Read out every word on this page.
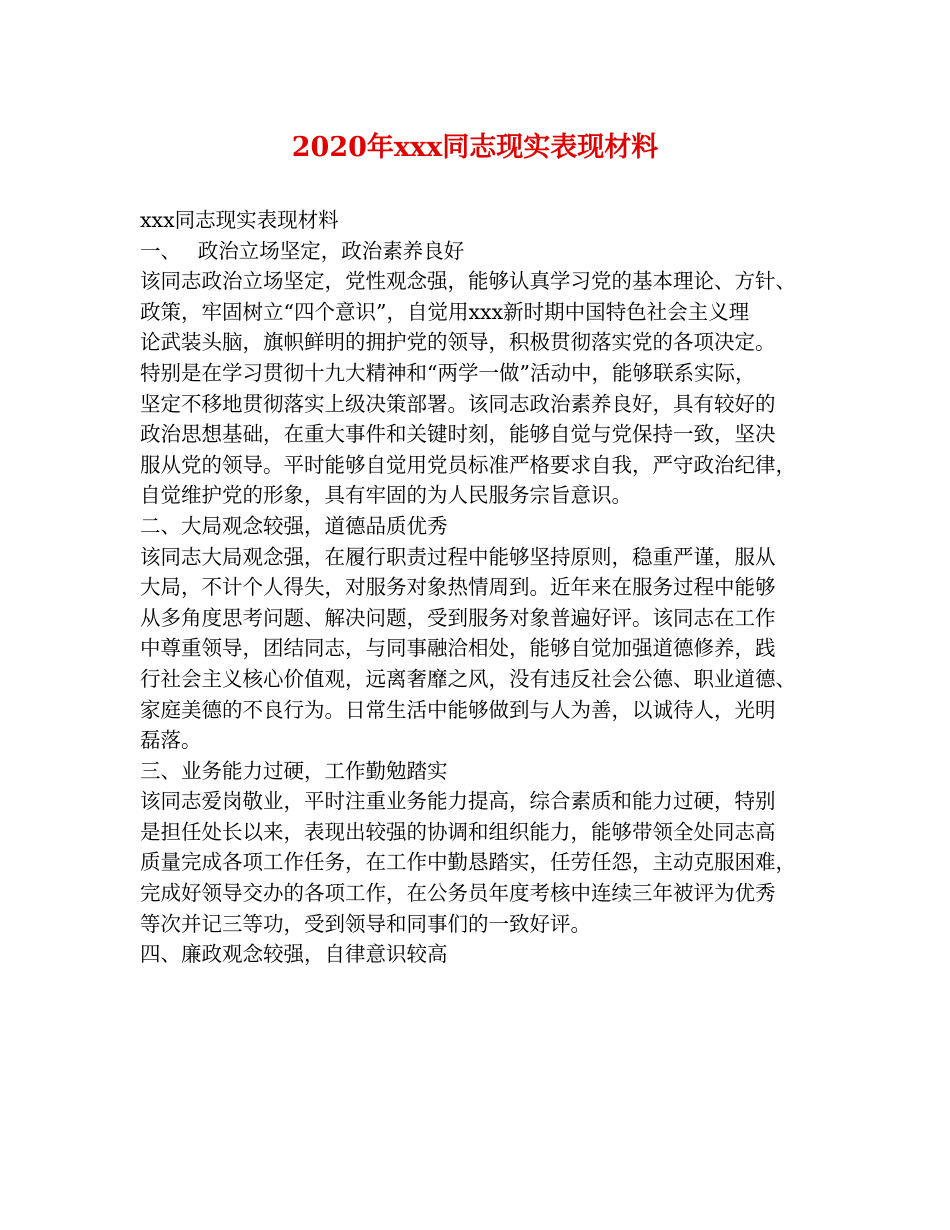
2020年xxx同志现实表现材料
xxx同志现实表现材料
一、　 政治立场坚定，政治素养良好
该同志政治立场坚定，党性观念强，能够认真学习党的基本理论、方针、
政策，牢固树立“四个意识”，自觉用xxx新时期中国特色社会主义理
论武装头脑，旗帜鲜明的拥护党的领导，积极贯彻落实党的各项决定。
特别是在学习贯彻十九大精神和“两学一做”活动中，能够联系实际，
坚定不移地贯彻落实上级决策部署。该同志政治素养良好，具有较好的
政治思想基础，在重大事件和关键时刻，能够自觉与党保持一致，坚决
服从党的领导。平时能够自觉用党员标准严格要求自我，严守政治纪律，
自觉维护党的形象，具有牢固的为人民服务宗旨意识。
二、大局观念较强，道德品质优秀
该同志大局观念强，在履行职责过程中能够坚持原则，稳重严谨，服从
大局，不计个人得失，对服务对象热情周到。近年来在服务过程中能够
从多角度思考问题、解决问题，受到服务对象普遍好评。该同志在工作
中尊重领导，团结同志，与同事融洽相处，能够自觉加强道德修养，践
行社会主义核心价值观，远离奢靡之风，没有违反社会公德、职业道德、
家庭美德的不良行为。日常生活中能够做到与人为善，以诚待人，光明
磊落。
三、业务能力过硬，工作勤勉踏实
该同志爱岗敬业，平时注重业务能力提高，综合素质和能力过硬，特别
是担任处长以来，表现出较强的协调和组织能力，能够带领全处同志高
质量完成各项工作任务，在工作中勤恳踏实，任劳任怨，主动克服困难，
完成好领导交办的各项工作，在公务员年度考核中连续三年被评为优秀
等次并记三等功，受到领导和同事们的一致好评。
四、廉政观念较强，自律意识较高
